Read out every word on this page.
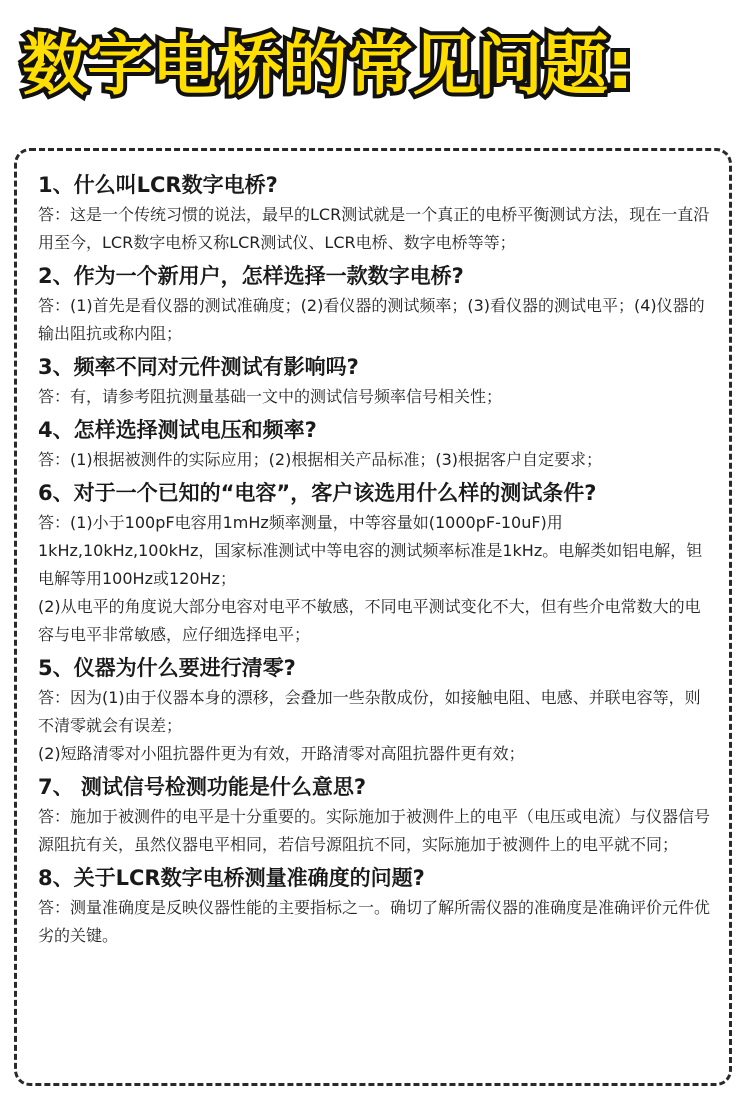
数字电桥的常见问题:
1、什么叫LCR数字电桥?

答：这是一个传统习惯的说法，最早的LCR测试就是一个真正的电桥平衡测试方法，现在一直沿用至今，LCR数字电桥又称LCR测试仪、LCR电桥、数字电桥等等；

2、作为一个新用户，怎样选择一款数字电桥?

答：(1)首先是看仪器的测试准确度；(2)看仪器的测试频率；(3)看仪器的测试电平；(4)仪器的输出阻抗或称内阻；

3、频率不同对元件测试有影响吗?

答：有，请参考阻抗测量基础一文中的测试信号频率信号相关性；

4、怎样选择测试电压和频率?

答：(1)根据被测件的实际应用；(2)根据相关产品标准；(3)根据客户自定要求；

6、对于一个已知的“电容”，客户该选用什么样的测试条件?

答：(1)小于100pF电容用1mHz频率测量，中等容量如(1000pF-10uF)用1kHz,10kHz,100kHz，国家标准测试中等电容的测试频率标准是1kHz。电解类如铝电解，钽电解等用100Hz或120Hz；

(2)从电平的角度说大部分电容对电平不敏感，不同电平测试变化不大，但有些介电常数大的电容与电平非常敏感，应仔细选择电平；

5、仪器为什么要进行清零?

答：因为(1)由于仪器本身的漂移，会叠加一些杂散成份，如接触电阻、电感、并联电容等，则不清零就会有误差；

(2)短路清零对小阻抗器件更为有效，开路清零对高阻抗器件更有效；

7、 测试信号检测功能是什么意思?

答：施加于被测件的电平是十分重要的。实际施加于被测件上的电平（电压或电流）与仪器信号源阻抗有关，虽然仪器电平相同，若信号源阻抗不同，实际施加于被测件上的电平就不同；

8、关于LCR数字电桥测量准确度的问题?

答：测量准确度是反映仪器性能的主要指标之一。确切了解所需仪器的准确度是准确评价元件优劣的关键。
